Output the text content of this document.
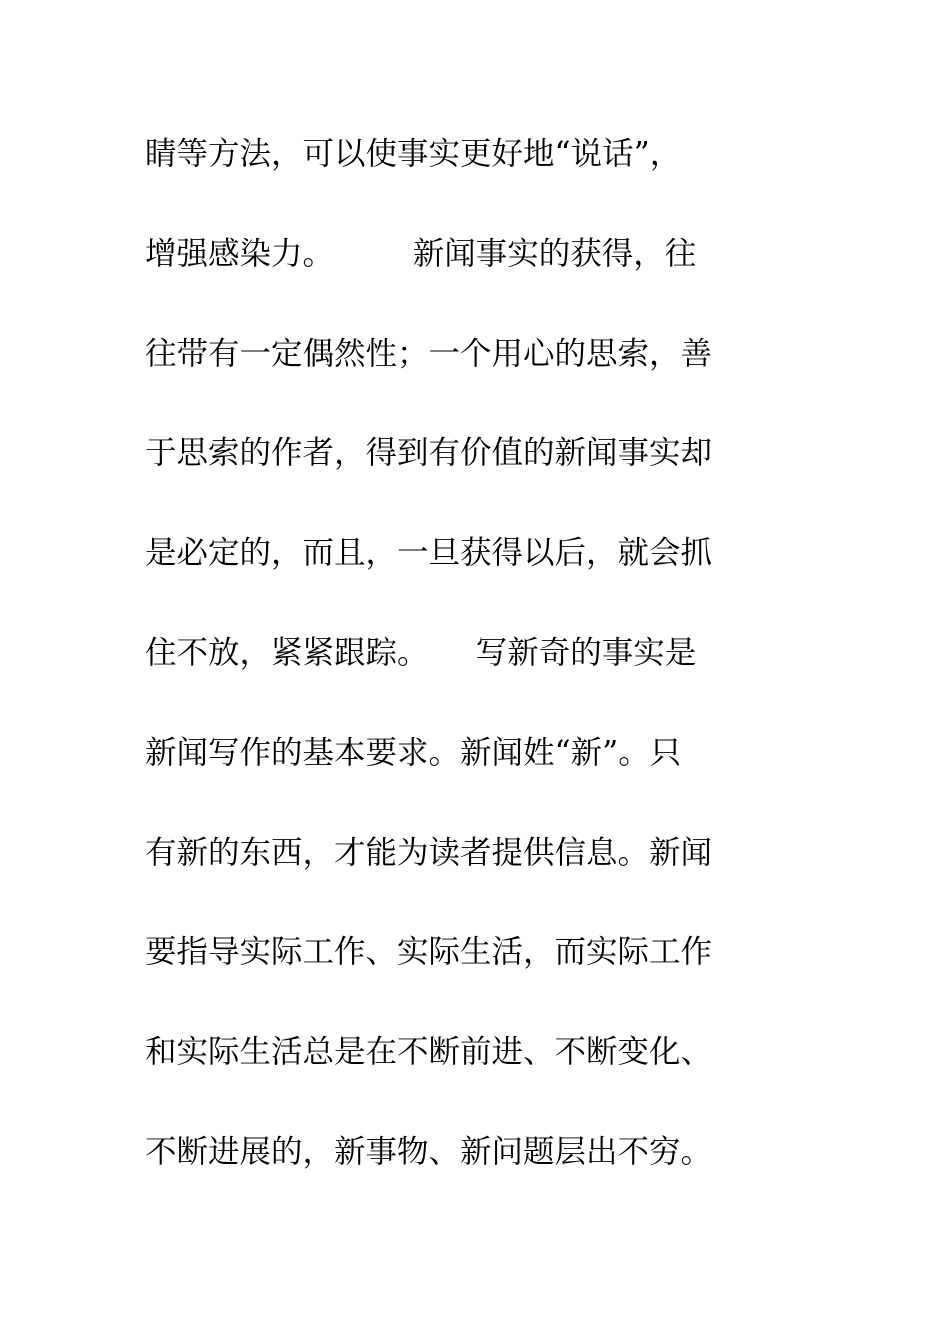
睛等方法，可以使事实更好地“说话”，
增强感染力。　　　新闻事实的获得，往
往带有一定偶然性；一个用心的思索，善
于思索的作者，得到有价值的新闻事实却
是必定的，而且，一旦获得以后，就会抓
住不放，紧紧跟踪。　　写新奇的事实是
新闻写作的基本要求。新闻姓“新”。只
有新的东西，才能为读者提供信息。新闻
要指导实际工作、实际生活，而实际工作
和实际生活总是在不断前进、不断变化、
不断进展的，新事物、新问题层出不穷。
